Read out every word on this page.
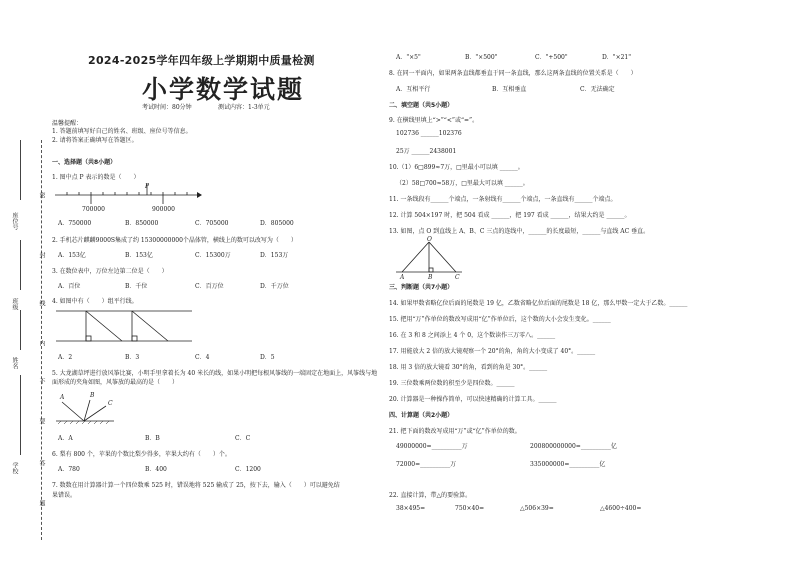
座位号
班级
姓名
学校
密
封
线
内
不
要
答
题
2024-2025学年四年级上学期期中质量检测
小学数学试题
考试时间：80分钟	测试内容：1-3单元
温馨提醒：
1. 答题前填写好自己的姓名、班级、座位号等信息。
2. 请将答案正确填写在答题区。
一、选择题（共8小题）
1. 图中点 P 表示的数是（　　）
P
700000	900000
A．750000	B．850000	C．705000	D．805000
2. 手机芯片麒麟9000S集成了约 15300000000个晶体管，横线上的数可以改写为（　　）
A．153亿	B．153亿	C．15300万	D．153万
3. 在数位表中，万位左边第二位是（　　）
A．百位	B．千位	C．百万位	D．千万位
4. 如图中有（　　）组平行线。
A．2	B．3	C．4	D．5
5. 大龙湖草坪进行放风筝比赛，小明手里拿着长为 40 米长的线，如果小明把每根风筝线的一端固定在地面上，风筝线与地
面形成的夹角如图，风筝放的最高的是（　　）
A	B
C
A．A	B．B	C．C
6. 梨有 800 个，苹果的个数比梨少得多，苹果大约有（　　）个。
A．780	B．400	C．1200
7. 数数在用计算器计算一个四位数乘 525 时，错误地将 525 输成了 25，按下去，输入（　　）可以避免结
果错误。
A．"×5"	B．"×500"	C．"+500"	D．"×21"
8. 在同一平面内，如果两条直线都垂直于同一条直线，那么这两条直线的位置关系是（　　）
A．互相平行	B．互相垂直	C．无法确定
二、填空题（共5小题）
9. 在横线里填上“>”“<”或“=”。
102736 ______102376
25万 ______2438001
10.（1）6□899≈7万，□里最小可以填 ______。
（2）58□700≈58万，□里最大可以填 ______。
11. 一条线段有______个端点，一条射线有______个端点，一条直线有______个端点。
12. 计算 504×197 时，把 504 看成 ______，把 197 看成 ______，结果大约是 ______。
13. 如图，点 O 到直线上 A、B、C 三点的连线中，______的长度最短，______与直线 AC 垂直。
O
A	B	C
三、判断题（共7小题）
14. 如果甲数省略亿位后面的尾数是 19 亿，乙数省略亿位后面的尾数是 18 亿，那么甲数一定大于乙数。______
15. 把用“万”作单位的数改写成用“亿”作单位后，这个数的大小会发生变化。______
16. 在 3 和 8 之间添上 4 个 0，这个数读作三万零八。______
17. 用能放大 2 倍的放大镜观察一个 20°的角，角的大小变成了 40°。______
18. 用 3 倍的放大镜看 30°的角，看到的角是 30°。______
19. 三位数乘两位数的积至少是四位数。______
20. 计算器是一种操作简单，可以快速精确的计算工具。______
四、计算题（共2小题）
21. 把下面的数改写成用“万”或“亿”作单位的数。
49000000=__________万	200800000000=__________亿
72000=__________万	335000000=__________亿
22. 直接计算，带△的要验算。
38×495=	750×40=	△506×39=	△4600÷400=
